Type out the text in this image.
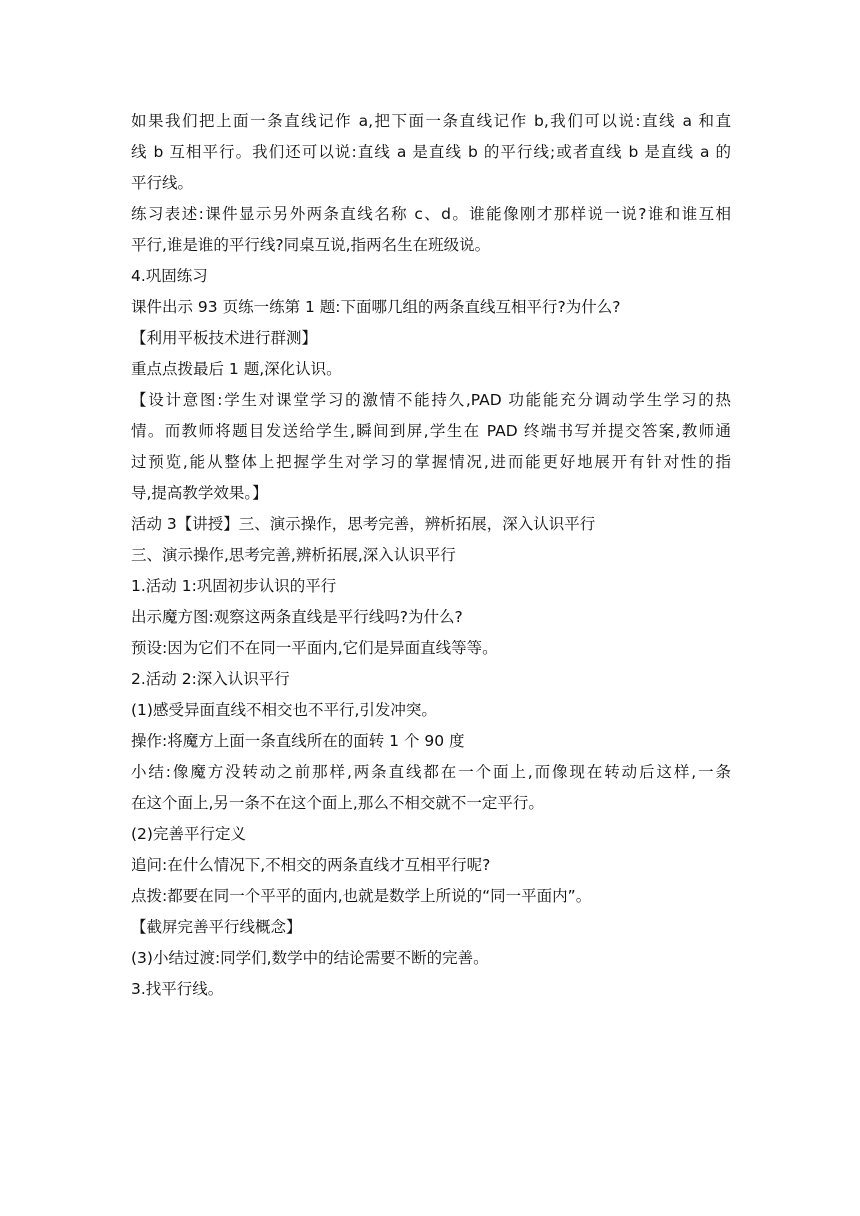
如果我们把上面一条直线记作 a,把下面一条直线记作 b,我们可以说:直线 a 和直
线 b 互相平行。我们还可以说:直线 a 是直线 b 的平行线;或者直线 b 是直线 a 的
平行线。
练习表述:课件显示另外两条直线名称 c、d。谁能像刚才那样说一说?谁和谁互相
平行,谁是谁的平行线?同桌互说,指两名生在班级说。
4.巩固练习
课件出示 93 页练一练第 1 题:下面哪几组的两条直线互相平行?为什么?
【利用平板技术进行群测】
重点点拨最后 1 题,深化认识。
【设计意图:学生对课堂学习的激情不能持久,PAD 功能能充分调动学生学习的热
情。而教师将题目发送给学生,瞬间到屏,学生在 PAD 终端书写并提交答案,教师通
过预览,能从整体上把握学生对学习的掌握情况,进而能更好地展开有针对性的指
导,提高教学效果。】
活动 3【讲授】三、演示操作，思考完善，辨析拓展，深入认识平行
三、演示操作,思考完善,辨析拓展,深入认识平行
1.活动 1:巩固初步认识的平行
出示魔方图:观察这两条直线是平行线吗?为什么?
预设:因为它们不在同一平面内,它们是异面直线等等。
2.活动 2:深入认识平行
(1)感受异面直线不相交也不平行,引发冲突。
操作:将魔方上面一条直线所在的面转 1 个 90 度
小结:像魔方没转动之前那样,两条直线都在一个面上,而像现在转动后这样,一条
在这个面上,另一条不在这个面上,那么不相交就不一定平行。
(2)完善平行定义
追问:在什么情况下,不相交的两条直线才互相平行呢?
点拨:都要在同一个平平的面内,也就是数学上所说的“同一平面内”。
【截屏完善平行线概念】
(3)小结过渡:同学们,数学中的结论需要不断的完善。
3.找平行线。
